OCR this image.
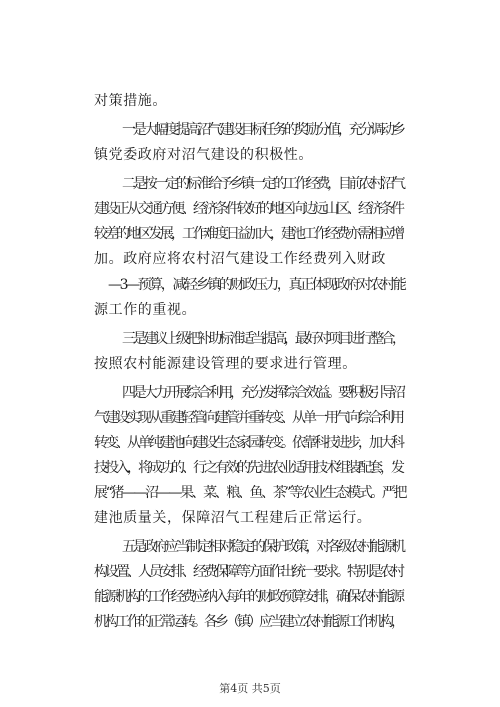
对策措施。
一是大幅度提高沼气建设目标任务的奖励分值，充分调动乡
镇党委政府对沼气建设的积极性。
二是按一定的标准给予乡镇一定的工作经费，目前农村沼气
建设正从交通方便、经济条件较好的地区向边远山区、经济条件
较差的地区发展，工作难度日益加大，建池工作经费亦需相应增
加。政府应将农村沼气建设工作经费列入财政
—3—预算，减轻乡镇的财政压力，真正体现政府对农村能
源工作的重视。
三是建议上级把补助标准适当提高，最好对项目进行整合，
按照农村能源建设管理的要求进行管理。
四是大力开展综合利用，充分发挥综合效益。要积极引导沼
气建设实现从重建轻管向建管并重转变、从单一用气向综合利用
转变、从单纯建池向建设生态家园转变。依靠科技进步，加大科
技投入，将成功的、行之有效的先进农业适用技术组装配套，发
展“猪——沼——果、菜、粮、鱼、茶”等农业生态模式。严把
建池质量关，保障沼气工程建后正常运行。
五是政府应当制定相对稳定的保护政策，对各级农村能源机
构设置、人员安排、经费保障等方面作出统一要求。特别是农村
能源机构的工作经费应纳入每年的财政预算安排，确保农村能源
机构工作的正常运转。各乡（镇）应当建立农村能源工作机构，
第4页 共5页
